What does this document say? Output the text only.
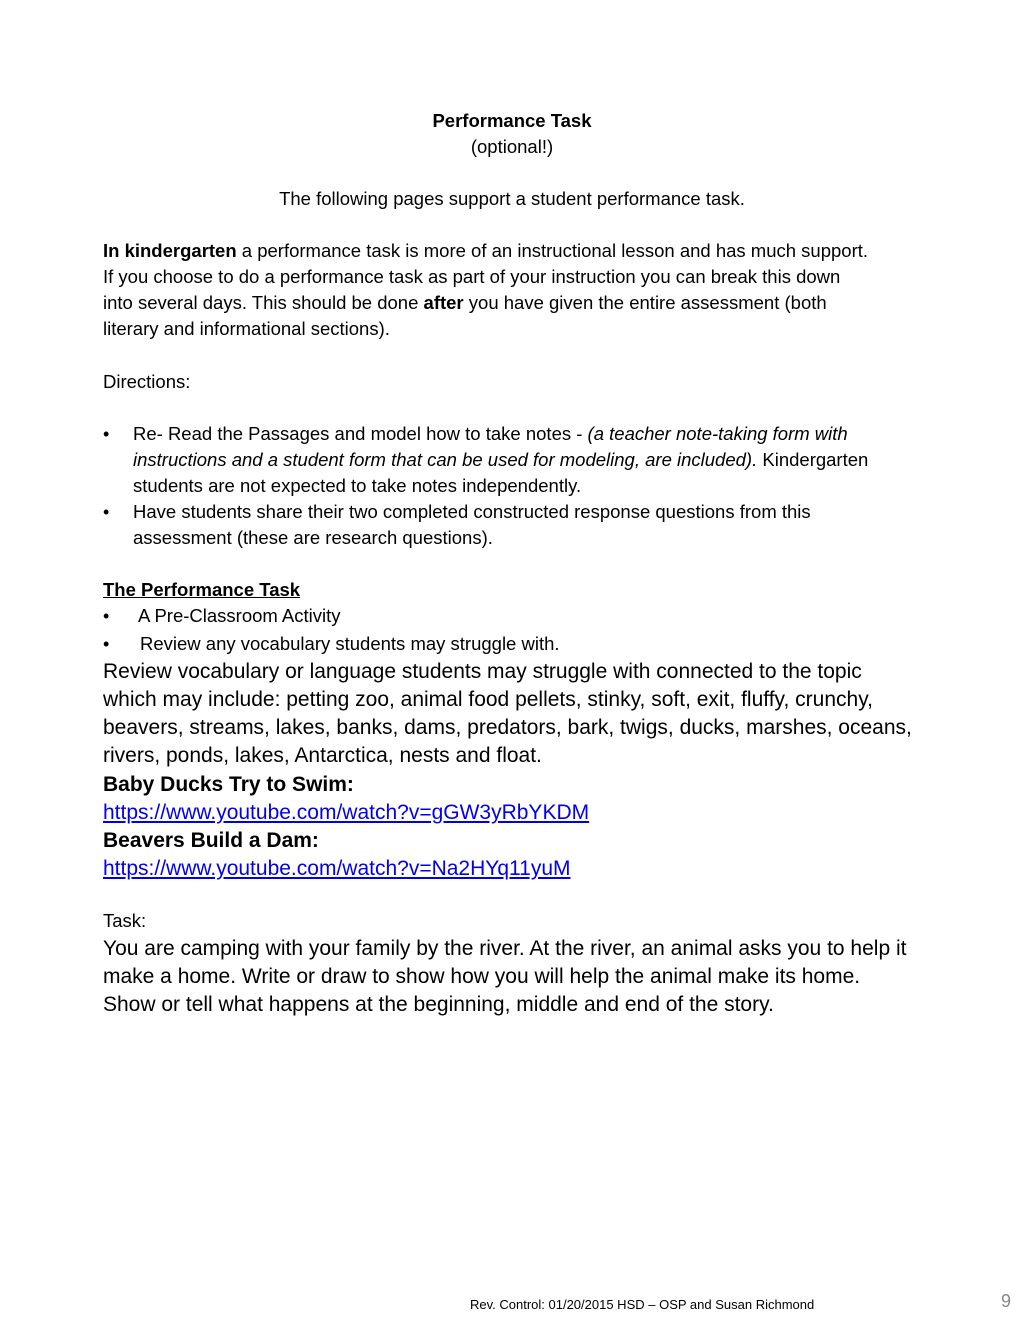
Performance Task
(optional!)
The following pages support a student performance task.
In kindergarten a performance task is more of an instructional lesson and has much support.
If you choose to do a performance task as part of your instruction you can break this down
into several days. This should be done after you have given the entire assessment (both
literary and informational sections).
Directions:
• Re- Read the Passages and model how to take notes - (a teacher note-taking form with
instructions and a student form that can be used for modeling, are included). Kindergarten
students are not expected to take notes independently.
• Have students share their two completed constructed response questions from this
assessment (these are research questions).
The Performance Task
• A Pre-Classroom Activity
• Review any vocabulary students may struggle with.
Review vocabulary or language students may struggle with connected to the topic
which may include: petting zoo, animal food pellets, stinky, soft, exit, fluffy, crunchy,
beavers, streams, lakes, banks, dams, predators, bark, twigs, ducks, marshes, oceans,
rivers, ponds, lakes, Antarctica, nests and float.
Baby Ducks Try to Swim:
https://www.youtube.com/watch?v=gGW3yRbYKDM
Beavers Build a Dam:
https://www.youtube.com/watch?v=Na2HYq11yuM
Task:
You are camping with your family by the river. At the river, an animal asks you to help it
make a home. Write or draw to show how you will help the animal make its home.
Show or tell what happens at the beginning, middle and end of the story.
Rev. Control: 01/20/2015 HSD – OSP and Susan Richmond	9
